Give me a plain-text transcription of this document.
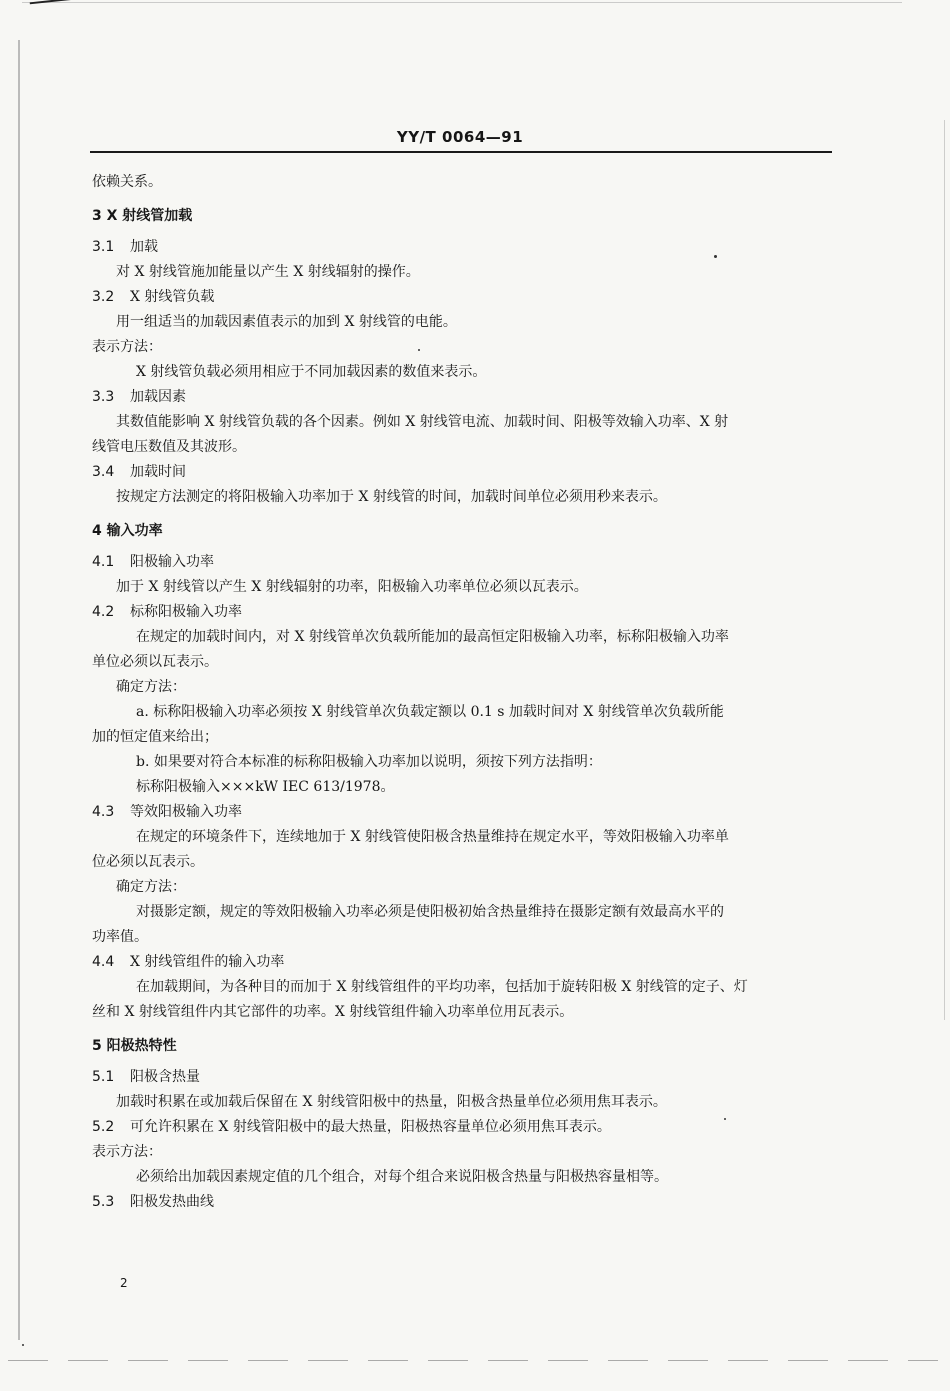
YY/T 0064—91
依赖关系。
3 X 射线管加载
3.1 加载
对 X 射线管施加能量以产生 X 射线辐射的操作。
3.2 X 射线管负载
用一组适当的加载因素值表示的加到 X 射线管的电能。
表示方法：
X 射线管负载必须用相应于不同加载因素的数值来表示。
3.3 加载因素
其数值能影响 X 射线管负载的各个因素。例如 X 射线管电流、加载时间、阳极等效输入功率、X 射
线管电压数值及其波形。
3.4 加载时间
按规定方法测定的将阳极输入功率加于 X 射线管的时间，加载时间单位必须用秒来表示。
4 输入功率
4.1 阳极输入功率
加于 X 射线管以产生 X 射线辐射的功率，阳极输入功率单位必须以瓦表示。
4.2 标称阳极输入功率
在规定的加载时间内，对 X 射线管单次负载所能加的最高恒定阳极输入功率，标称阳极输入功率
单位必须以瓦表示。
确定方法：
a. 标称阳极输入功率必须按 X 射线管单次负载定额以 0.1 s 加载时间对 X 射线管单次负载所能
加的恒定值来给出；
b. 如果要对符合本标准的标称阳极输入功率加以说明，须按下列方法指明：
标称阳极输入×××kW IEC 613/1978。
4.3 等效阳极输入功率
在规定的环境条件下，连续地加于 X 射线管使阳极含热量维持在规定水平，等效阳极输入功率单
位必须以瓦表示。
确定方法：
对摄影定额，规定的等效阳极输入功率必须是使阳极初始含热量维持在摄影定额有效最高水平的
功率值。
4.4 X 射线管组件的输入功率
在加载期间，为各种目的而加于 X 射线管组件的平均功率，包括加于旋转阳极 X 射线管的定子、灯
丝和 X 射线管组件内其它部件的功率。X 射线管组件输入功率单位用瓦表示。
5 阳极热特性
5.1 阳极含热量
加载时积累在或加载后保留在 X 射线管阳极中的热量，阳极含热量单位必须用焦耳表示。
5.2 可允许积累在 X 射线管阳极中的最大热量，阳极热容量单位必须用焦耳表示。
表示方法：
必须给出加载因素规定值的几个组合，对每个组合来说阳极含热量与阳极热容量相等。
5.3 阳极发热曲线
2
